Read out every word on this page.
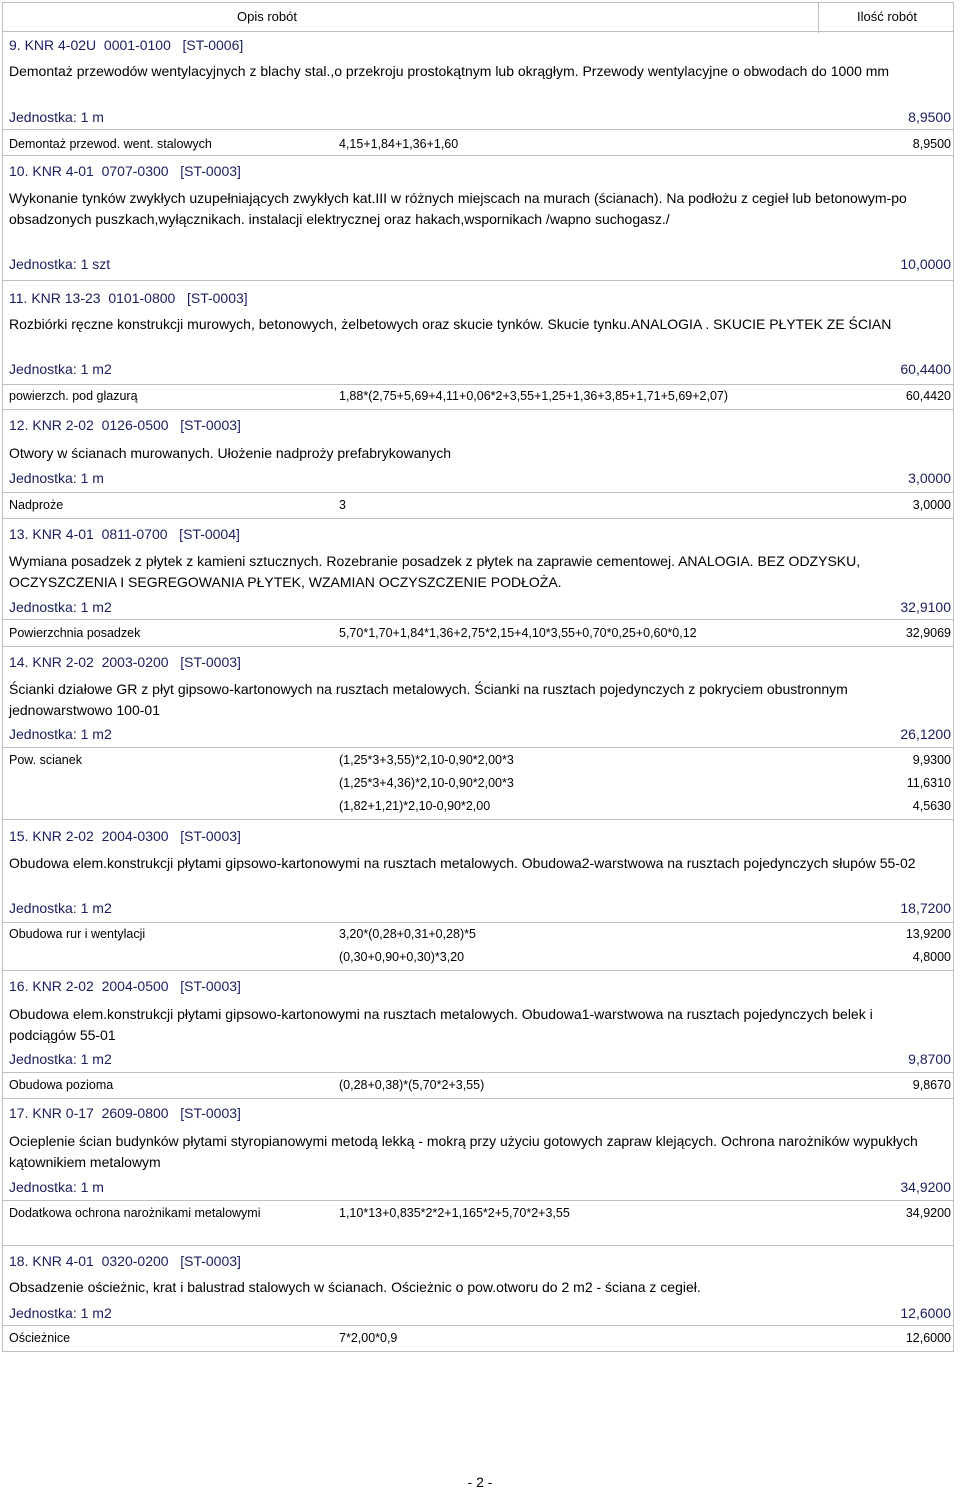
Opis robót	Ilość robót
9. KNR 4-02U  0001-0100   [ST-0006]
Demontaż przewodów wentylacyjnych z blachy stal.,o przekroju prostokątnym lub okrągłym. Przewody wentylacyjne o obwodach do 1000 mm
Jednostka: 1 m	8,9500
Demontaż przewod. went. stalowych	4,15+1,84+1,36+1,60	8,9500
10. KNR 4-01  0707-0300   [ST-0003]
Wykonanie tynków zwykłych uzupełniających zwykłych kat.III w różnych miejscach na murach (ścianach). Na podłożu z cegieł lub betonowym-po obsadzonych puszkach,wyłącznikach. instalacji elektrycznej oraz hakach,wspornikach /wapno suchogasz./
Jednostka: 1 szt	10,0000
11. KNR 13-23  0101-0800   [ST-0003]
Rozbiórki ręczne konstrukcji murowych, betonowych, żelbetowych oraz skucie tynków. Skucie tynku.ANALOGIA . SKUCIE PŁYTEK ZE ŚCIAN
Jednostka: 1 m2	60,4400
powierzch. pod glazurą	1,88*(2,75+5,69+4,11+0,06*2+3,55+1,25+1,36+3,85+1,71+5,69+2,07)	60,4420
12. KNR 2-02  0126-0500   [ST-0003]
Otwory w ścianach murowanych. Ułożenie nadproży prefabrykowanych
Jednostka: 1 m	3,0000
Nadproże	3	3,0000
13. KNR 4-01  0811-0700   [ST-0004]
Wymiana posadzek z płytek z kamieni sztucznych. Rozebranie posadzek z płytek na zaprawie cementowej. ANALOGIA. BEZ ODZYSKU, OCZYSZCZENIA I SEGREGOWANIA PŁYTEK, WZAMIAN OCZYSZCZENIE PODŁOŻA.
Jednostka: 1 m2	32,9100
Powierzchnia posadzek	5,70*1,70+1,84*1,36+2,75*2,15+4,10*3,55+0,70*0,25+0,60*0,12	32,9069
14. KNR 2-02  2003-0200   [ST-0003]
Ścianki działowe GR z płyt gipsowo-kartonowych na rusztach metalowych. Ścianki na rusztach pojedynczych z pokryciem obustronnym jednowarstwowo 100-01
Jednostka: 1 m2	26,1200
Pow. scianek	(1,25*3+3,55)*2,10-0,90*2,00*3	9,9300
(1,25*3+4,36)*2,10-0,90*2,00*3	11,6310
(1,82+1,21)*2,10-0,90*2,00	4,5630
15. KNR 2-02  2004-0300   [ST-0003]
Obudowa elem.konstrukcji płytami gipsowo-kartonowymi na rusztach metalowych. Obudowa2-warstwowa na rusztach pojedynczych słupów 55-02
Jednostka: 1 m2	18,7200
Obudowa rur i wentylacji	3,20*(0,28+0,31+0,28)*5	13,9200
(0,30+0,90+0,30)*3,20	4,8000
16. KNR 2-02  2004-0500   [ST-0003]
Obudowa elem.konstrukcji płytami gipsowo-kartonowymi na rusztach metalowych. Obudowa1-warstwowa na rusztach pojedynczych belek i podciągów 55-01
Jednostka: 1 m2	9,8700
Obudowa pozioma	(0,28+0,38)*(5,70*2+3,55)	9,8670
17. KNR 0-17  2609-0800   [ST-0003]
Ocieplenie ścian budynków płytami styropianowymi metodą lekką - mokrą przy użyciu gotowych zapraw klejących. Ochrona narożników wypukłych kątownikiem metalowym
Jednostka: 1 m	34,9200
Dodatkowa ochrona narożnikami metalowymi	1,10*13+0,835*2*2+1,165*2+5,70*2+3,55	34,9200
18. KNR 4-01  0320-0200   [ST-0003]
Obsadzenie ościeżnic, krat i balustrad stalowych w ścianach. Ościeżnic o pow.otworu do 2 m2 - ściana z cegieł.
Jednostka: 1 m2	12,6000
Ościeżnice	7*2,00*0,9	12,6000
- 2 -
